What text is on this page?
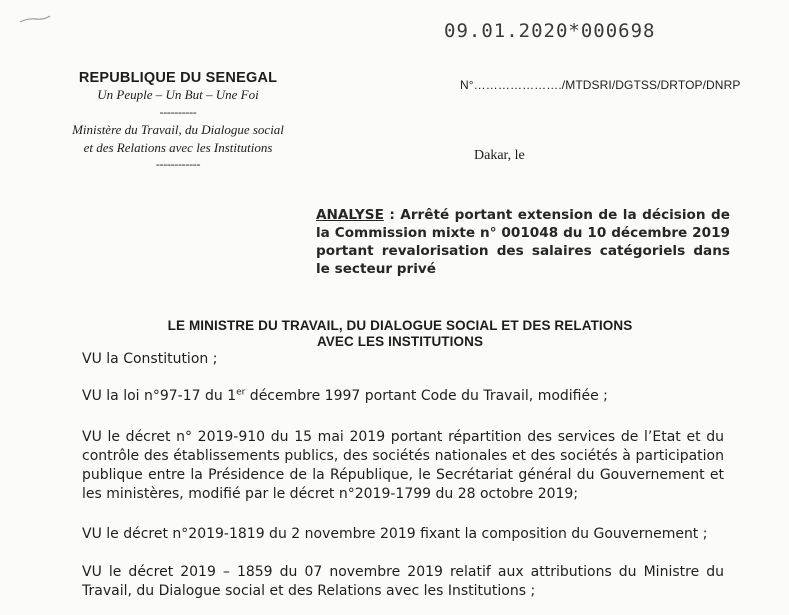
09.01.2020*000698
REPUBLIQUE DU SENEGAL
Un Peuple – Un But – Une Foi
----------
Ministère du Travail, du Dialogue social
et des Relations avec les Institutions
------------
N°…………………./MTDSRI/DGTSS/DRTOP/DNRP
Dakar, le
ANALYSE : Arrêté portant extension de la décision de la Commission mixte n° 001048 du 10 décembre 2019 portant revalorisation des salaires catégoriels dans le secteur privé
LE MINISTRE DU TRAVAIL, DU DIALOGUE SOCIAL ET DES RELATIONS
AVEC LES INSTITUTIONS
VU la Constitution ;
VU la loi n°97-17 du 1er décembre 1997 portant Code du Travail, modifiée ;
VU le décret n° 2019-910 du 15 mai 2019 portant répartition des services de l’Etat et du contrôle des établissements publics, des sociétés nationales et des sociétés à participation publique entre la Présidence de la République, le Secrétariat général du Gouvernement et les ministères, modifié par le décret n°2019-1799 du 28 octobre 2019;
VU le décret n°2019-1819 du 2 novembre 2019 fixant la composition du Gouvernement ;
VU le décret 2019 – 1859 du 07 novembre 2019 relatif aux attributions du Ministre du Travail, du Dialogue social et des Relations avec les Institutions ;
